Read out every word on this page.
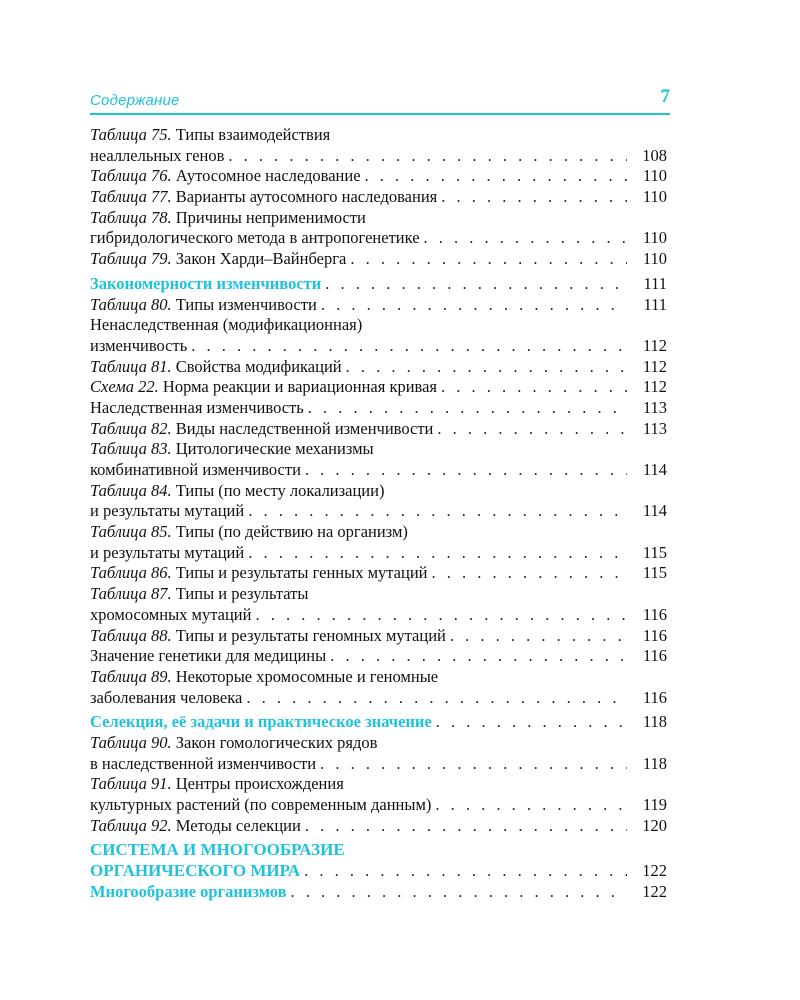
Содержание	7
Таблица 75. Типы взаимодействия
неаллельных генов . . .	108
Таблица 76. Аутосомное наследование . . .	110
Таблица 77. Варианты аутосомного наследования . . .	110
Таблица 78. Причины неприменимости
гибридологического метода в антропогенетике . . .	110
Таблица 79. Закон Харди–Вайнберга . . .	110
Закономерности изменчивости . . .	111
Таблица 80. Типы изменчивости . . .	111
Ненаследственная (модификационная)
изменчивость . . .	112
Таблица 81. Свойства модификаций . . .	112
Схема 22. Норма реакции и вариационная кривая . . .	112
Наследственная изменчивость . . .	113
Таблица 82. Виды наследственной изменчивости . . .	113
Таблица 83. Цитологические механизмы
комбинативной изменчивости . . .	114
Таблица 84. Типы (по месту локализации)
и результаты мутаций . . .	114
Таблица 85. Типы (по действию на организм)
и результаты мутаций . . .	115
Таблица 86. Типы и результаты генных мутаций . . .	115
Таблица 87. Типы и результаты
хромосомных мутаций . . .	116
Таблица 88. Типы и результаты геномных мутаций . . .	116
Значение генетики для медицины . . .	116
Таблица 89. Некоторые хромосомные и геномные
заболевания человека . . .	116
Селекция, её задачи и практическое значение . . .	118
Таблица 90. Закон гомологических рядов
в наследственной изменчивости . . .	118
Таблица 91. Центры происхождения
культурных растений (по современным данным) . . .	119
Таблица 92. Методы селекции . . .	120
СИСТЕМА И МНОГООБРАЗИЕ
ОРГАНИЧЕСКОГО МИРА . . .	122
Многообразие организмов . . .	122
